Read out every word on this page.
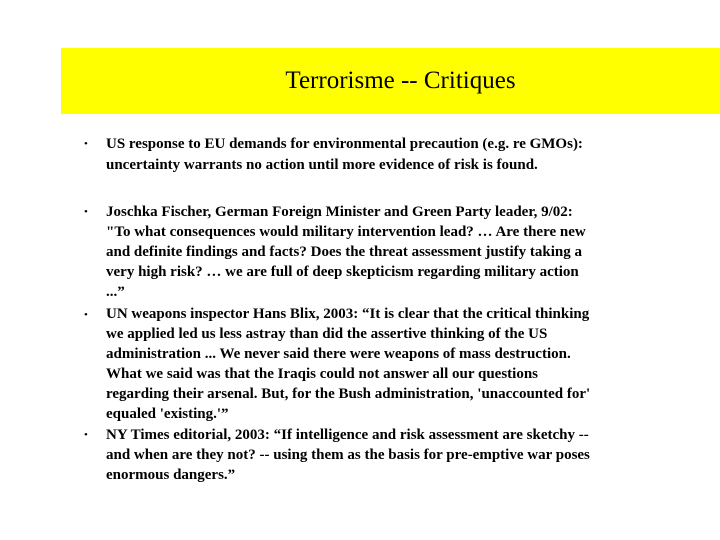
Terrorisme -- Critiques
• US response to EU demands for environmental precaution (e.g. re GMOs):
uncertainty warrants no action until more evidence of risk is found.
• Joschka Fischer, German Foreign Minister and Green Party leader, 9/02:
"To what consequences would military intervention lead? … Are there new
and definite findings and facts? Does the threat assessment justify taking a
very high risk? … we are full of deep skepticism regarding military action
...”
• UN weapons inspector Hans Blix, 2003: “It is clear that the critical thinking
we applied led us less astray than did the assertive thinking of the US
administration ... We never said there were weapons of mass destruction.
What we said was that the Iraqis could not answer all our questions
regarding their arsenal. But, for the Bush administration, 'unaccounted for'
equaled 'existing.'”
• NY Times editorial, 2003: “If intelligence and risk assessment are sketchy --
and when are they not? -- using them as the basis for pre-emptive war poses
enormous dangers.”
